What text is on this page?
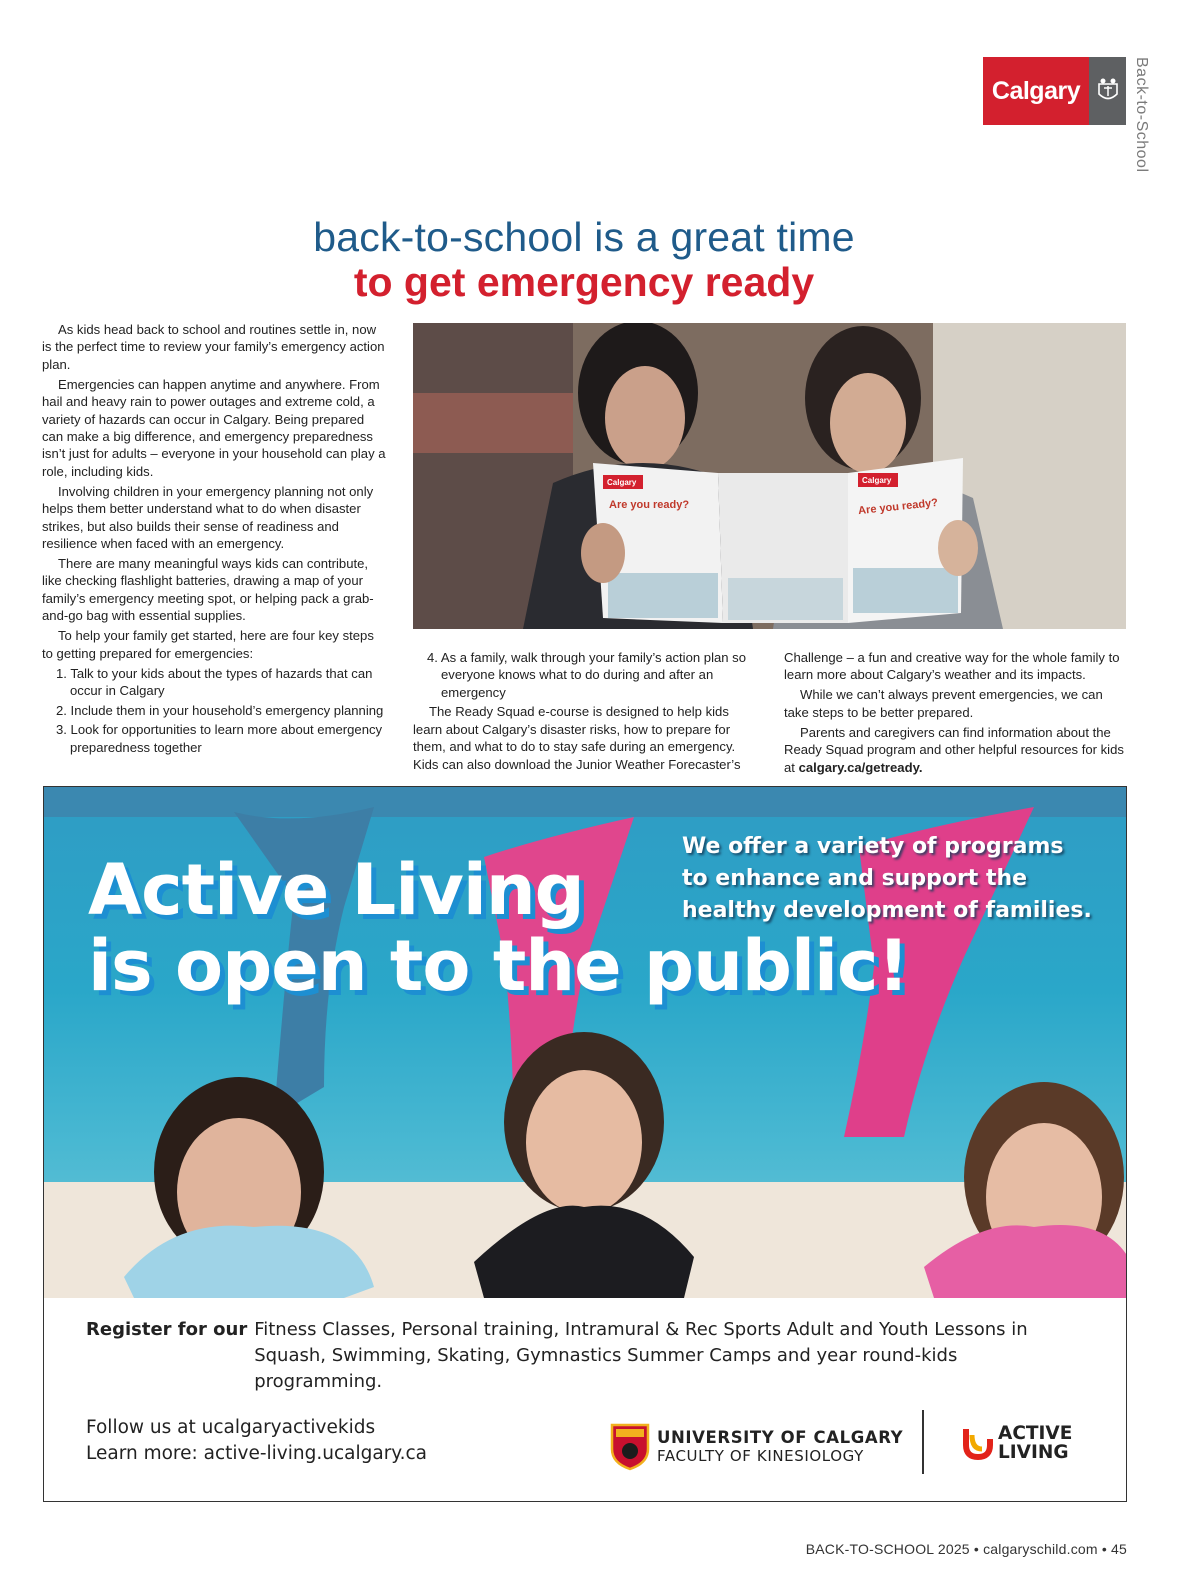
Calgary	Back-to-School
back-to-school is a great time
to get emergency ready

As kids head back to school and routines settle in, now is the perfect time to review your family’s emergency action plan.

Emergencies can happen anytime and anywhere. From hail and heavy rain to power outages and extreme cold, a variety of hazards can occur in Calgary. Being prepared can make a big difference, and emergency preparedness isn’t just for adults – everyone in your household can play a role, including kids.

Involving children in your emergency planning not only helps them better understand what to do when disaster strikes, but also builds their sense of readiness and resilience when faced with an emergency.

There are many meaningful ways kids can contribute, like checking flashlight batteries, drawing a map of your family’s emergency meeting spot, or helping pack a grab-and-go bag with essential supplies.

To help your family get started, here are four key steps to getting prepared for emergencies:

1. Talk to your kids about the types of hazards that can occur in Calgary
2. Include them in your household’s emergency planning
3. Look for opportunities to learn more about emergency preparedness together
Calgary
Are you ready?
Calgary
Are you ready?
4. As a family, walk through your family’s action plan so everyone knows what to do during and after an emergency

The Ready Squad e-course is designed to help kids learn about Calgary’s disaster risks, how to prepare for them, and what to do to stay safe during an emergency. Kids can also download the Junior Weather Forecaster’s

Challenge – a fun and creative way for the whole family to learn more about Calgary’s weather and its impacts.

While we can’t always prevent emergencies, we can take steps to be better prepared.

Parents and caregivers can find information about the Ready Squad program and other helpful resources for kids at calgary.ca/getready.

Active Living
is open to the public!
We offer a variety of programs
to enhance and support the
healthy development of families.
Register for our Fitness Classes, Personal training, Intramural & Rec Sports Adult and Youth Lessons in Squash, Swimming, Skating, Gymnastics Summer Camps and year round-kids programming.
Follow us at ucalgaryactivekids
Learn more: active-living.ucalgary.ca
UNIVERSITY OF CALGARY
FACULTY OF KINESIOLOGY
ACTIVE
LIVING
BACK-TO-SCHOOL 2025 • calgaryschild.com • 45
